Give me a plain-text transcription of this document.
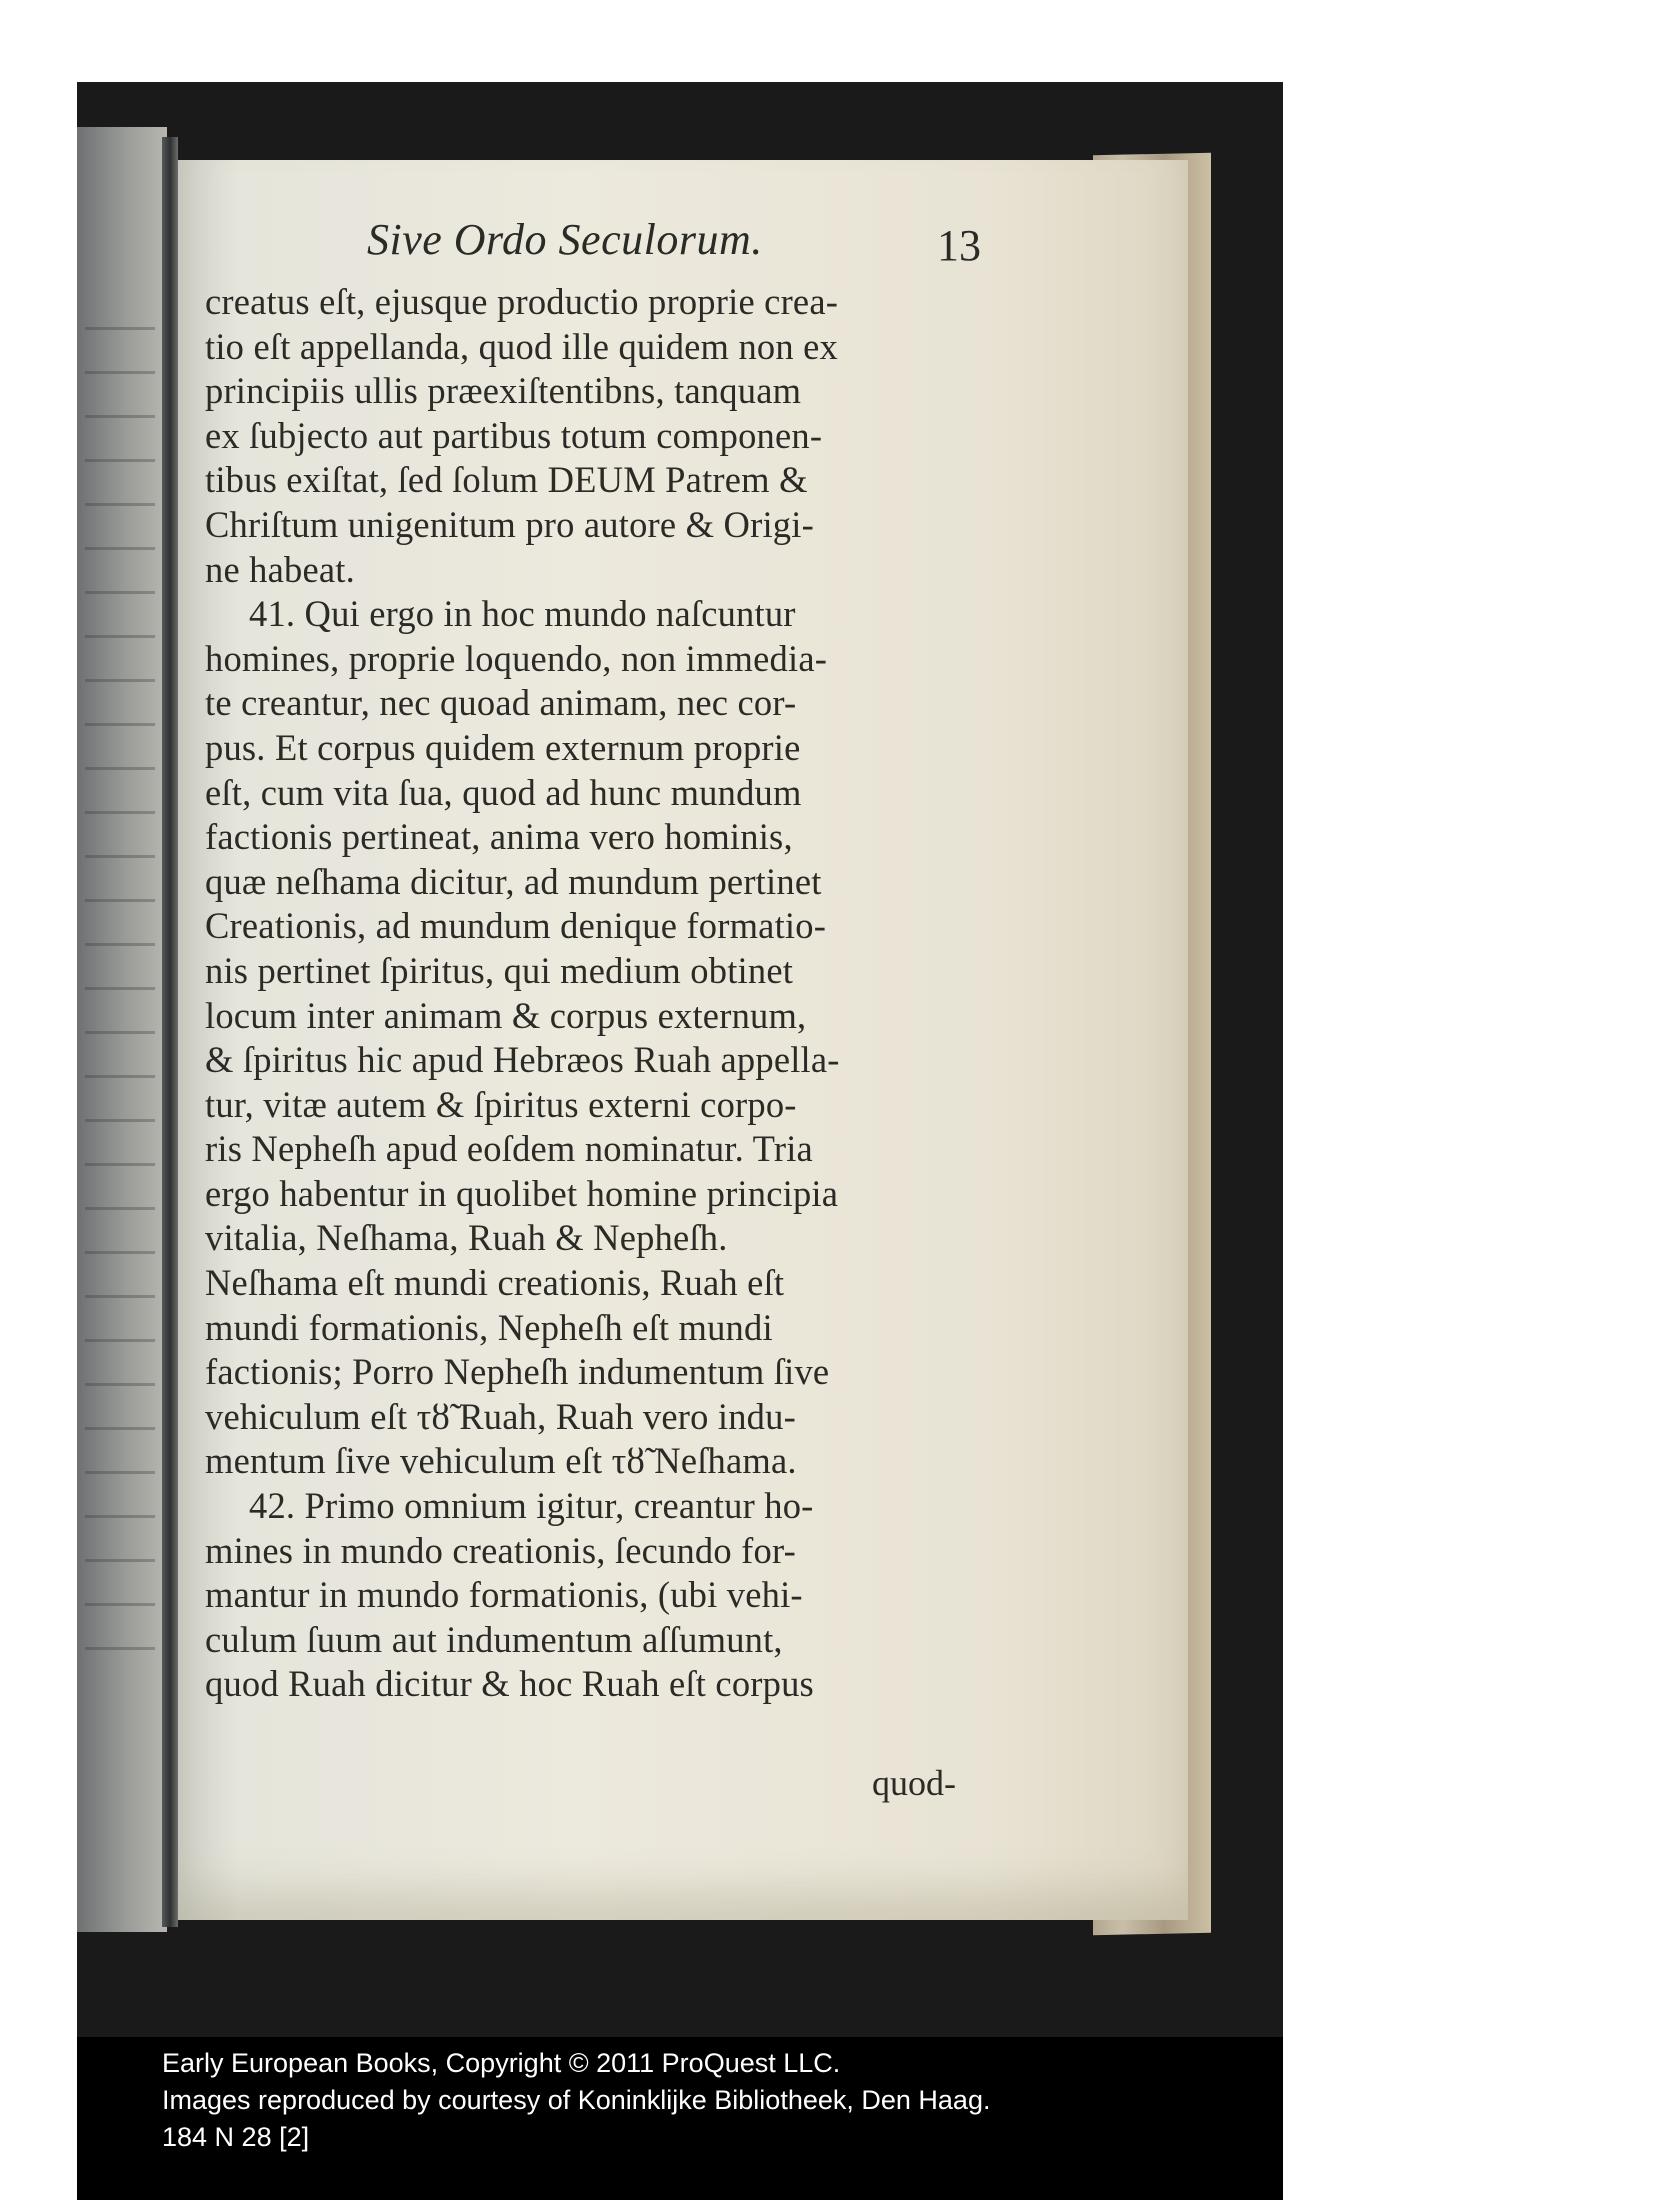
Sive Ordo Seculorum.	13
creatus eſt, ejusque productio proprie crea-
tio eſt appellanda, quod ille quidem non ex
principiis ullis præexiſtentibns, tanquam
ex ſubjecto aut partibus totum componen-
tibus exiſtat, ſed ſolum DEUM Patrem &
Chriſtum unigenitum pro autore & Origi-
ne habeat.
41. Qui ergo in hoc mundo naſcuntur
homines, proprie loquendo, non immedia-
te creantur, nec quoad animam, nec cor-
pus. Et corpus quidem externum proprie
eſt, cum vita ſua, quod ad hunc mundum
factionis pertineat, anima vero hominis,
quæ neſhama dicitur, ad mundum pertinet
Creationis, ad mundum denique formatio-
nis pertinet ſpiritus, qui medium obtinet
locum inter animam & corpus externum,
& ſpiritus hic apud Hebræos Ruah appella-
tur, vitæ autem & ſpiritus externi corpo-
ris Nepheſh apud eoſdem nominatur. Tria
ergo habentur in quolibet homine principia
vitalia, Neſhama, Ruah & Nepheſh.
Neſhama eſt mundi creationis, Ruah eſt
mundi formationis, Nepheſh eſt mundi
factionis; Porro Nepheſh indumentum ſive
vehiculum eſt τȣ̃ Ruah, Ruah vero indu-
mentum ſive vehiculum eſt τȣ̃ Neſhama.
42. Primo omnium igitur, creantur ho-
mines in mundo creationis, ſecundo for-
mantur in mundo formationis, (ubi vehi-
culum ſuum aut indumentum aſſumunt,
quod Ruah dicitur & hoc Ruah eſt corpus
quod-
Early European Books, Copyright © 2011 ProQuest LLC.
Images reproduced by courtesy of Koninklijke Bibliotheek, Den Haag.
184 N 28 [2]
